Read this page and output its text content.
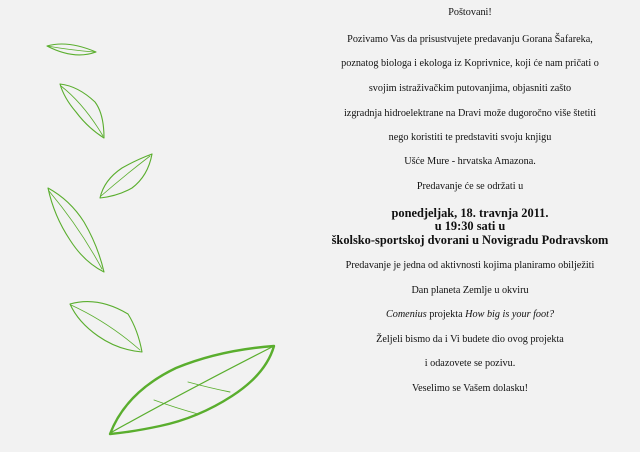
Poštovani!
Pozivamo Vas da prisustvujete predavanju Gorana Šafareka,
poznatog biologa i ekologa iz Koprivnice, koji će nam pričati o
svojim istraživačkim putovanjima, objasniti zašto
izgradnja hidroelektrane na Dravi može dugoročno više štetiti
nego koristiti te predstaviti svoju knjigu
Ušće Mure - hrvatska Amazona.
Predavanje će se održati u
ponedjeljak, 18. travnja 2011.
u 19:30 sati u
školsko-sportskoj dvorani u Novigradu Podravskom
Predavanje je jedna od aktivnosti kojima planiramo obilježiti
Dan planeta Zemlje u okviru
Comenius projekta How big is your foot?
Željeli bismo da i Vi budete dio ovog projekta
i odazovete se pozivu.
Veselimo se Vašem dolasku!
